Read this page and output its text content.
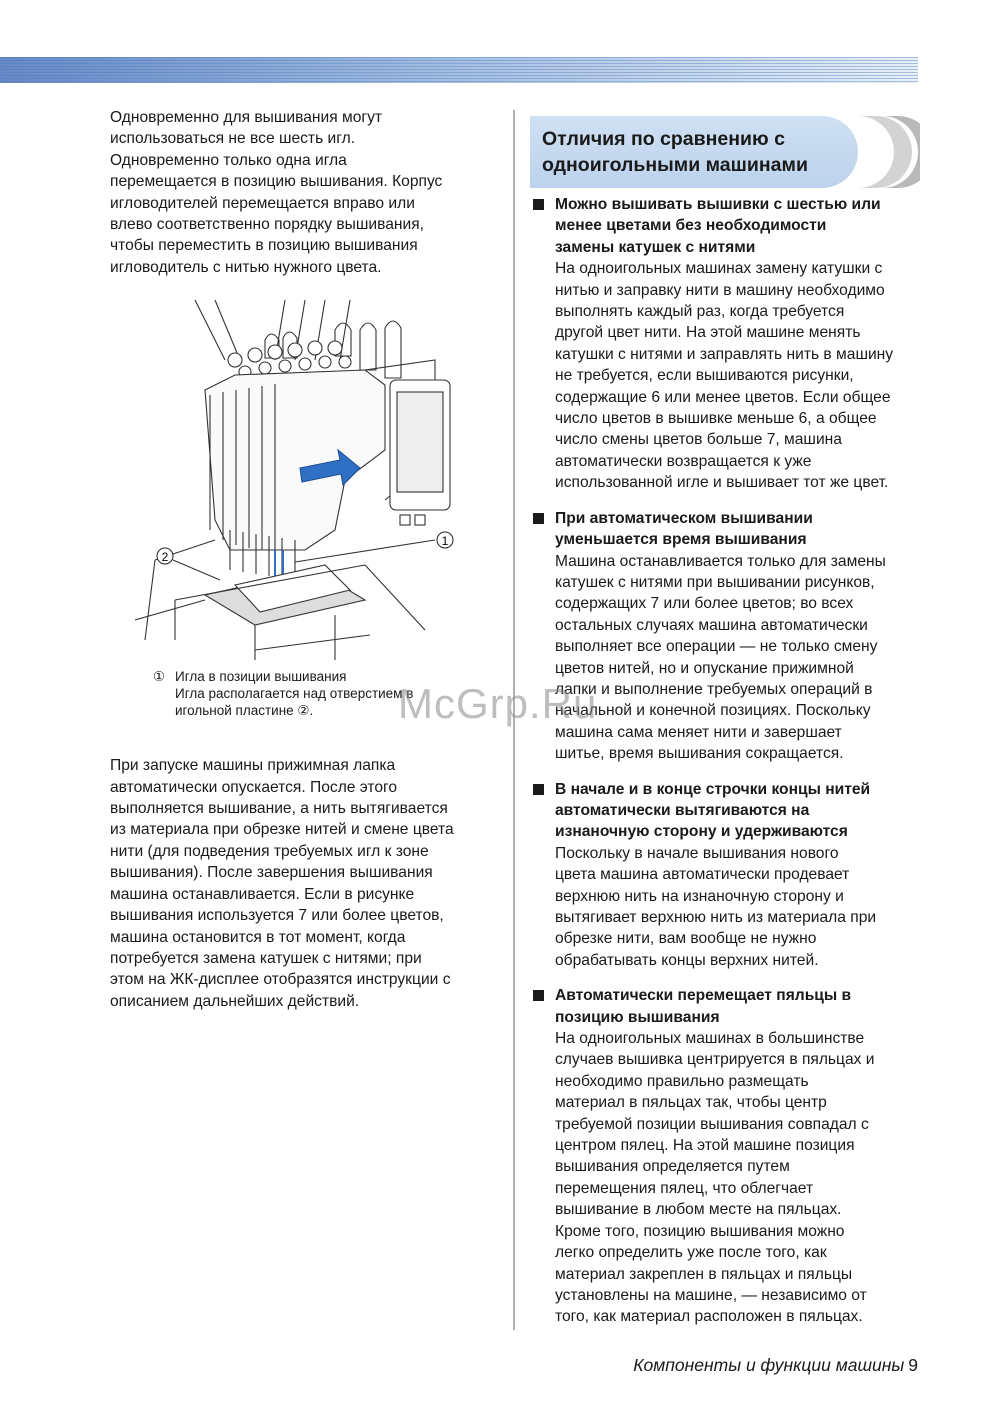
Одновременно для вышивания могут
использоваться не все шесть игл.
Одновременно только одна игла
перемещается в позицию вышивания. Корпус
игловодителей перемещается вправо или
влево соответственно порядку вышивания,
чтобы переместить в позицию вышивания
игловодитель с нитью нужного цвета.

1
2
① Игла в позиции вышивания
Игла располагается над отверстием в
игольной пластине ②.

При запуске машины прижимная лапка
автоматически опускается. После этого
выполняется вышивание, а нить вытягивается
из материала при обрезке нитей и смене цвета
нити (для подведения требуемых игл к зоне
вышивания). После завершения вышивания
машина останавливается. Если в рисунке
вышивания используется 7 или более цветов,
машина остановится в тот момент, когда
потребуется замена катушек с нитями; при
этом на ЖК-дисплее отобразятся инструкции с
описанием дальнейших действий.

Отличия по сравнению с
одноигольными машинами
Можно вышивать вышивки с шестью или
менее цветами без необходимости
замены катушек с нитями
На одноигольных машинах замену катушки с
нитью и заправку нити в машину необходимо
выполнять каждый раз, когда требуется
другой цвет нити. На этой машине менять
катушки с нитями и заправлять нить в машину
не требуется, если вышиваются рисунки,
содержащие 6 или менее цветов. Если общее
число цветов в вышивке меньше 6, а общее
число смены цветов больше 7, машина
автоматически возвращается к уже
использованной игле и вышивает тот же цвет.
При автоматическом вышивании
уменьшается время вышивания
Машина останавливается только для замены
катушек с нитями при вышивании рисунков,
содержащих 7 или более цветов; во всех
остальных случаях машина автоматически
выполняет все операции — не только смену
цветов нитей, но и опускание прижимной
лапки и выполнение требуемых операций в
начальной и конечной позициях. Поскольку
машина сама меняет нити и завершает
шитье, время вышивания сокращается.
В начале и в конце строчки концы нитей
автоматически вытягиваются на
изнаночную сторону и удерживаются
Поскольку в начале вышивания нового
цвета машина автоматически продевает
верхнюю нить на изнаночную сторону и
вытягивает верхнюю нить из материала при
обрезке нити, вам вообще не нужно
обрабатывать концы верхних нитей.
Автоматически перемещает пяльцы в
позицию вышивания
На одноигольных машинах в большинстве
случаев вышивка центрируется в пяльцах и
необходимо правильно размещать
материал в пяльцах так, чтобы центр
требуемой позиции вышивания совпадал с
центром пялец. На этой машине позиция
вышивания определяется путем
перемещения пялец, что облегчает
вышивание в любом месте на пяльцах.
Кроме того, позицию вышивания можно
легко определить уже после того, как
материал закреплен в пяльцах и пяльцы
установлены на машине, — независимо от
того, как материал расположен в пяльцах.
McGrp.Ru
Компоненты и функции машины 9
